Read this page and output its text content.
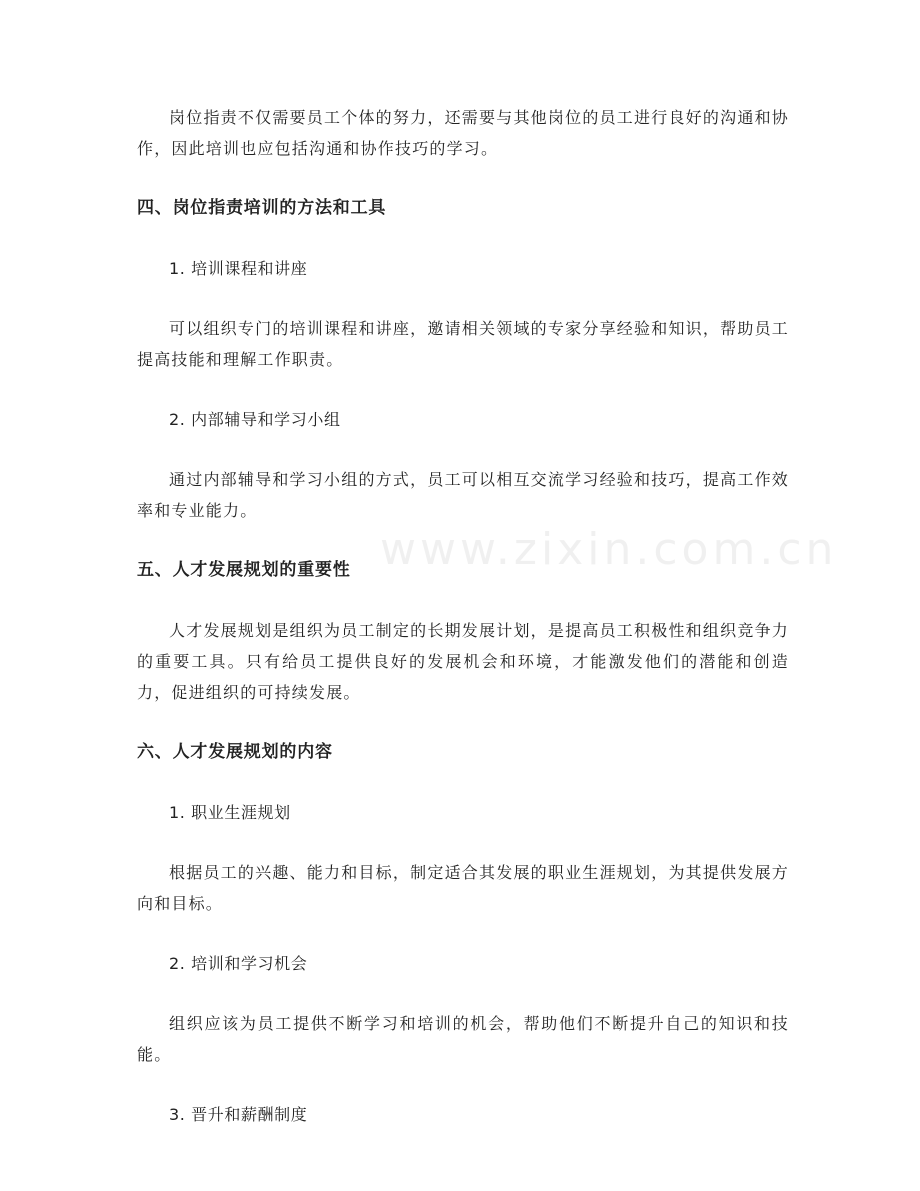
www.zixin.com.cn

岗位指责不仅需要员工个体的努力，还需要与其他岗位的员工进行良好的沟通和协作，因此培训也应包括沟通和协作技巧的学习。

四、岗位指责培训的方法和工具

1. 培训课程和讲座

可以组织专门的培训课程和讲座，邀请相关领域的专家分享经验和知识，帮助员工提高技能和理解工作职责。

2. 内部辅导和学习小组

通过内部辅导和学习小组的方式，员工可以相互交流学习经验和技巧，提高工作效率和专业能力。

五、人才发展规划的重要性

人才发展规划是组织为员工制定的长期发展计划，是提高员工积极性和组织竞争力的重要工具。只有给员工提供良好的发展机会和环境，才能激发他们的潜能和创造力，促进组织的可持续发展。

六、人才发展规划的内容

1. 职业生涯规划

根据员工的兴趣、能力和目标，制定适合其发展的职业生涯规划，为其提供发展方向和目标。

2. 培训和学习机会

组织应该为员工提供不断学习和培训的机会，帮助他们不断提升自己的知识和技能。

3. 晋升和薪酬制度
